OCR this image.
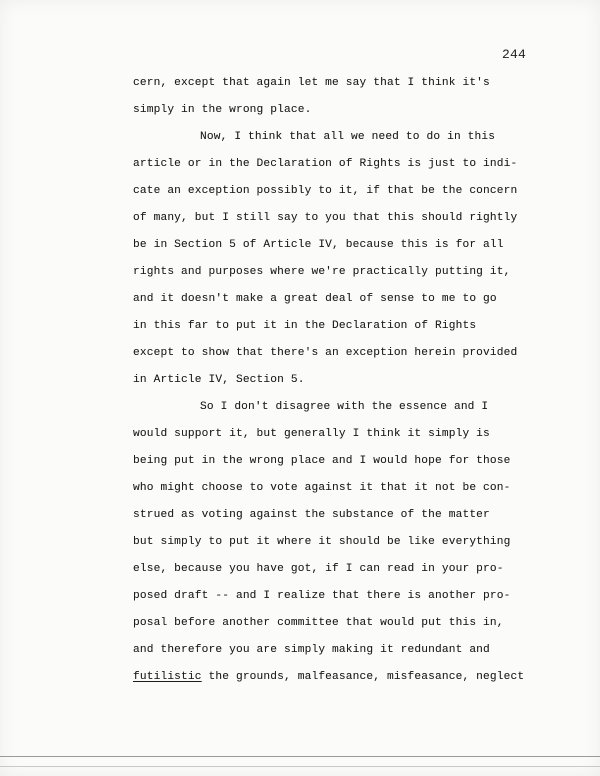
244
cern, except that again let me say that I think it's
simply in the wrong place.
Now, I think that all we need to do in this
article or in the Declaration of Rights is just to indi-
cate an exception possibly to it, if that be the concern
of many, but I still say to you that this should rightly
be in Section 5 of Article IV, because this is for all
rights and purposes where we're practically putting it,
and it doesn't make a great deal of sense to me to go
in this far to put it in the Declaration of Rights
except to show that there's an exception herein provided
in Article IV, Section 5.
So I don't disagree with the essence and I
would support it, but generally I think it simply is
being put in the wrong place and I would hope for those
who might choose to vote against it that it not be con-
strued as voting against the substance of the matter
but simply to put it where it should be like everything
else, because you have got, if I can read in your pro-
posed draft -- and I realize that there is another pro-
posal before another committee that would put this in,
and therefore you are simply making it redundant and
futilistic the grounds, malfeasance, misfeasance, neglect
